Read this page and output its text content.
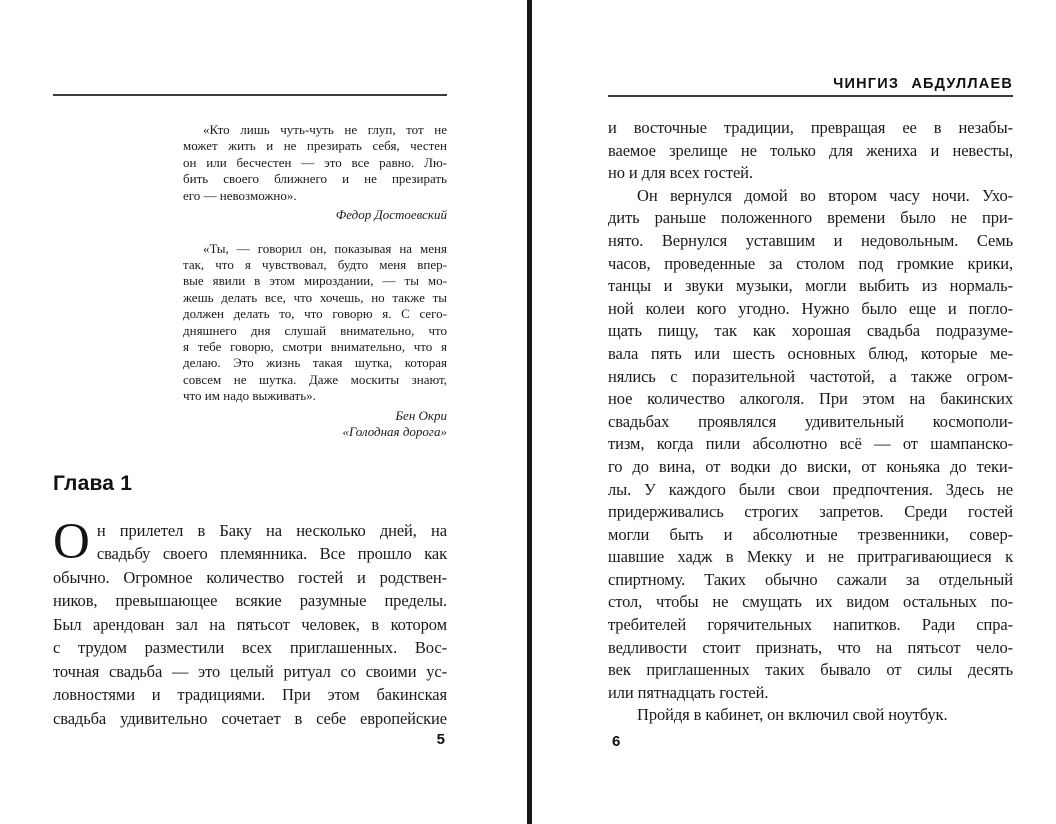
«Кто лишь чуть-чуть не глуп, тот не
может жить и не презирать себя, честен
он или бесчестен — это все равно. Лю-
бить своего ближнего и не презирать
его — невозможно».
Федор Достоевский
«Ты, — говорил он, показывая на меня
так, что я чувствовал, будто меня впер-
вые явили в этом мироздании, — ты мо-
жешь делать все, что хочешь, но также ты
должен делать то, что говорю я. С сего-
дняшнего дня слушай внимательно, что
я тебе говорю, смотри внимательно, что я
делаю. Это жизнь такая шутка, которая
совсем не шутка. Даже москиты знают,
что им надо выживать».
Бен Окри
«Голодная дорога»
Глава 1
О н прилетел в Баку на несколько дней, на
свадьбу своего племянника. Все прошло как
обычно. Огромное количество гостей и родствен-
ников, превышающее всякие разумные пределы.
Был арендован зал на пятьсот человек, в котором
с трудом разместили всех приглашенных. Вос-
точная свадьба — это целый ритуал со своими ус-
ловностями и традициями. При этом бакинская
свадьба удивительно сочетает в себе европейские
5
ЧИНГИЗ АБДУЛЛАЕВ
и восточные традиции, превращая ее в незабы-
ваемое зрелище не только для жениха и невесты,
но и для всех гостей.
Он вернулся домой во втором часу ночи. Ухо-
дить раньше положенного времени было не при-
нято. Вернулся уставшим и недовольным. Семь
часов, проведенные за столом под громкие крики,
танцы и звуки музыки, могли выбить из нормаль-
ной колеи кого угодно. Нужно было еще и погло-
щать пищу, так как хорошая свадьба подразуме-
вала пять или шесть основных блюд, которые ме-
нялись с поразительной частотой, а также огром-
ное количество алкоголя. При этом на бакинских
свадьбах проявлялся удивительный космополи-
тизм, когда пили абсолютно всё — от шампанско-
го до вина, от водки до виски, от коньяка до теки-
лы. У каждого были свои предпочтения. Здесь не
придерживались строгих запретов. Среди гостей
могли быть и абсолютные трезвенники, совер-
шавшие хадж в Мекку и не притрагивающиеся к
спиртному. Таких обычно сажали за отдельный
стол, чтобы не смущать их видом остальных по-
требителей горячительных напитков. Ради спра-
ведливости стоит признать, что на пятьсот чело-
век приглашенных таких бывало от силы десять
или пятнадцать гостей.
Пройдя в кабинет, он включил свой ноутбук.
6
